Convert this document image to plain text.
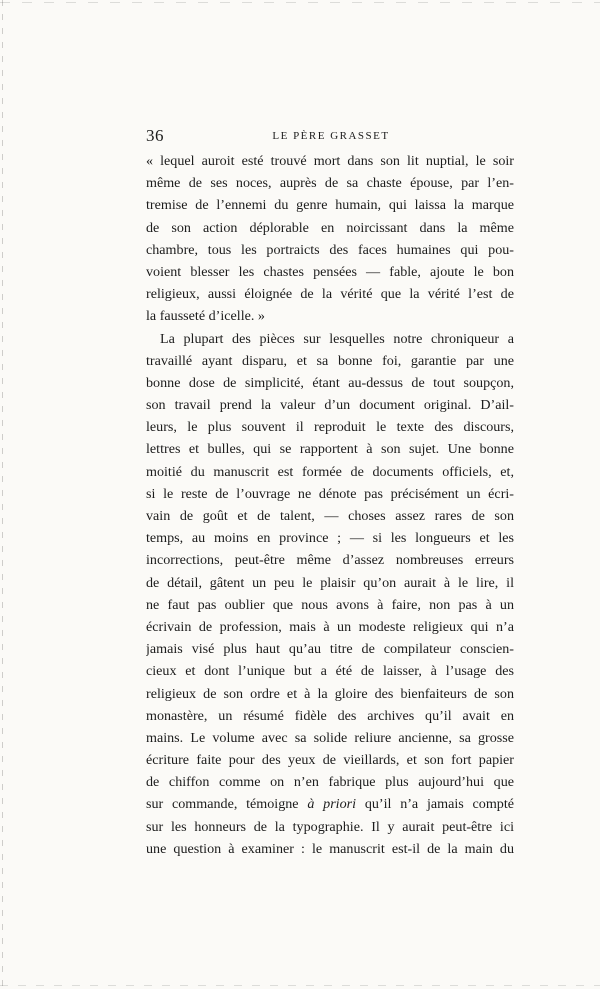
36	LE PÈRE GRASSET

« lequel auroit esté trouvé mort dans son lit nuptial, le soir
même de ses noces, auprès de sa chaste épouse, par l’en-
tremise de l’ennemi du genre humain, qui laissa la marque
de son action déplorable en noircissant dans la même
chambre, tous les portraicts des faces humaines qui pou-
voient blesser les chastes pensées — fable, ajoute le bon
religieux, aussi éloignée de la vérité que la vérité l’est de
la fausseté d’icelle. »

La plupart des pièces sur lesquelles notre chroniqueur a
travaillé ayant disparu, et sa bonne foi, garantie par une
bonne dose de simplicité, étant au-dessus de tout soupçon,
son travail prend la valeur d’un document original. D’ail-
leurs, le plus souvent il reproduit le texte des discours,
lettres et bulles, qui se rapportent à son sujet. Une bonne
moitié du manuscrit est formée de documents officiels, et,
si le reste de l’ouvrage ne dénote pas précisément un écri-
vain de goût et de talent, — choses assez rares de son
temps, au moins en province ; — si les longueurs et les
incorrections, peut-être même d’assez nombreuses erreurs
de détail, gâtent un peu le plaisir qu’on aurait à le lire, il
ne faut pas oublier que nous avons à faire, non pas à un
écrivain de profession, mais à un modeste religieux qui n’a
jamais visé plus haut qu’au titre de compilateur conscien-
cieux et dont l’unique but a été de laisser, à l’usage des
religieux de son ordre et à la gloire des bienfaiteurs de son
monastère, un résumé fidèle des archives qu’il avait en
mains. Le volume avec sa solide reliure ancienne, sa grosse
écriture faite pour des yeux de vieillards, et son fort papier
de chiffon comme on n’en fabrique plus aujourd’hui que
sur commande, témoigne à priori qu’il n’a jamais compté
sur les honneurs de la typographie. Il y aurait peut-être ici
une question à examiner : le manuscrit est-il de la main du
